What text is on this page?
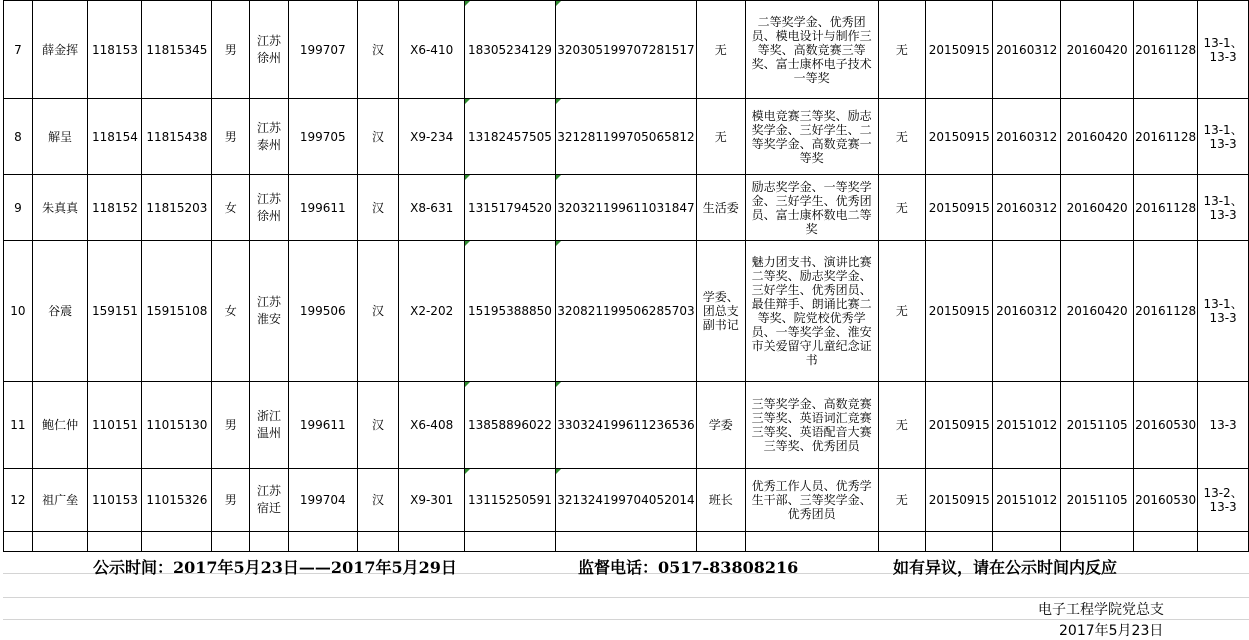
7	薛金挥	118153	11815345	男	江苏徐州	199707	汉	X6-410	18305234129	320305199707281517	无	二等奖学金、优秀团员、模电设计与制作三等奖、高数竞赛三等奖、富士康杯电子技术一等奖	无	20150915	20160312	20160420	20161128	13-1、13-3
8	解呈	118154	11815438	男	江苏泰州	199705	汉	X9-234	13182457505	321281199705065812	无	模电竞赛三等奖、励志奖学金、三好学生、二等奖学金、高数竞赛一等奖	无	20150915	20160312	20160420	20161128	13-1、13-3
9	朱真真	118152	11815203	女	江苏徐州	199611	汉	X8-631	13151794520	320321199611031847	生活委	励志奖学金、一等奖学金、三好学生、优秀团员、富士康杯数电二等奖	无	20150915	20160312	20160420	20161128	13-1、13-3
10	谷震	159151	15915108	女	江苏淮安	199506	汉	X2-202	15195388850	320821199506285703	学委、团总支副书记	魅力团支书、演讲比赛二等奖、励志奖学金、三好学生、优秀团员、最佳辩手、朗诵比赛二等奖、院党校优秀学员、一等奖学金、淮安市关爱留守儿童纪念证书	无	20150915	20160312	20160420	20161128	13-1、13-3
11	鲍仁仲	110151	11015130	男	浙江温州	199611	汉	X6-408	13858896022	330324199611236536	学委	三等奖学金、高数竞赛三等奖、英语词汇竞赛三等奖、英语配音大赛三等奖、优秀团员	无	20150915	20151012	20151105	20160530	13-3
12	祖广垒	110153	11015326	男	江苏宿迁	199704	汉	X9-301	13115250591	321324199704052014	班长	优秀工作人员、优秀学生干部、三等奖学金、优秀团员	无	20150915	20151012	20151105	20160530	13-2、13-3

公示时间：2017年5月23日——2017年5月29日	监督电话：0517-83808216	如有异议，请在公示时间内反应
电子工程学院党总支
2017年5月23日
